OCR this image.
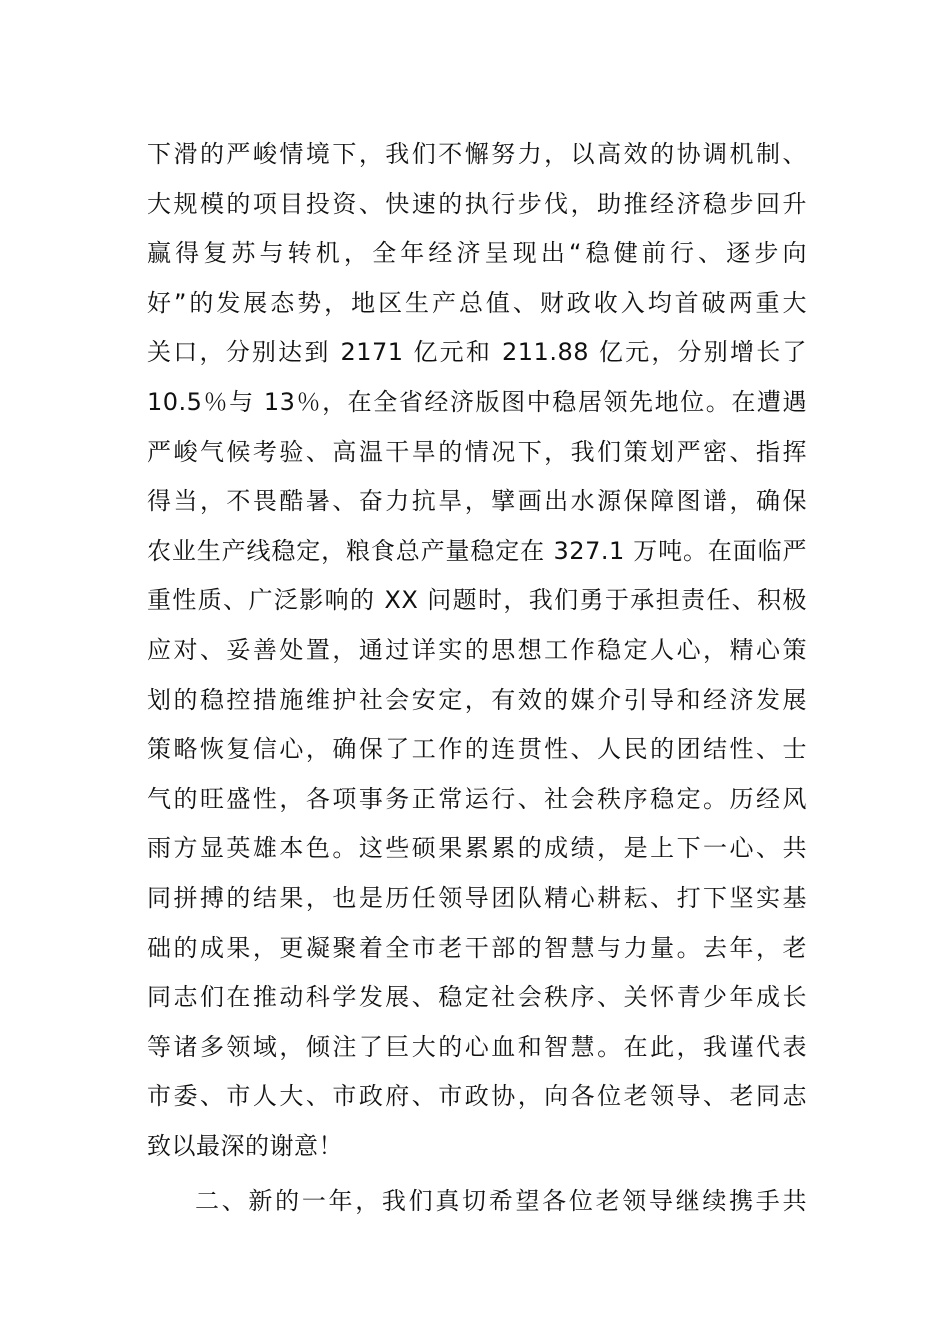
下滑的严峻情境下，我们不懈努力，以高效的协调机制、
大规模的项目投资、快速的执行步伐，助推经济稳步回升
赢得复苏与转机，全年经济呈现出“稳健前行、逐步向
好”的发展态势，地区生产总值、财政收入均首破两重大
关口，分别达到 2171 亿元和 211.88 亿元，分别增长了
10.5％与 13％，在全省经济版图中稳居领先地位。在遭遇
严峻气候考验、高温干旱的情况下，我们策划严密、指挥
得当，不畏酷暑、奋力抗旱，擘画出水源保障图谱，确保
农业生产线稳定，粮食总产量稳定在 327.1 万吨。在面临严
重性质、广泛影响的 XX 问题时，我们勇于承担责任、积极
应对、妥善处置，通过详实的思想工作稳定人心，精心策
划的稳控措施维护社会安定，有效的媒介引导和经济发展
策略恢复信心，确保了工作的连贯性、人民的团结性、士
气的旺盛性，各项事务正常运行、社会秩序稳定。历经风
雨方显英雄本色。这些硕果累累的成绩，是上下一心、共
同拼搏的结果，也是历任领导团队精心耕耘、打下坚实基
础的成果，更凝聚着全市老干部的智慧与力量。去年，老
同志们在推动科学发展、稳定社会秩序、关怀青少年成长
等诸多领域，倾注了巨大的心血和智慧。在此，我谨代表
市委、市人大、市政府、市政协，向各位老领导、老同志
致以最深的谢意！
二、新的一年，我们真切希望各位老领导继续携手共
